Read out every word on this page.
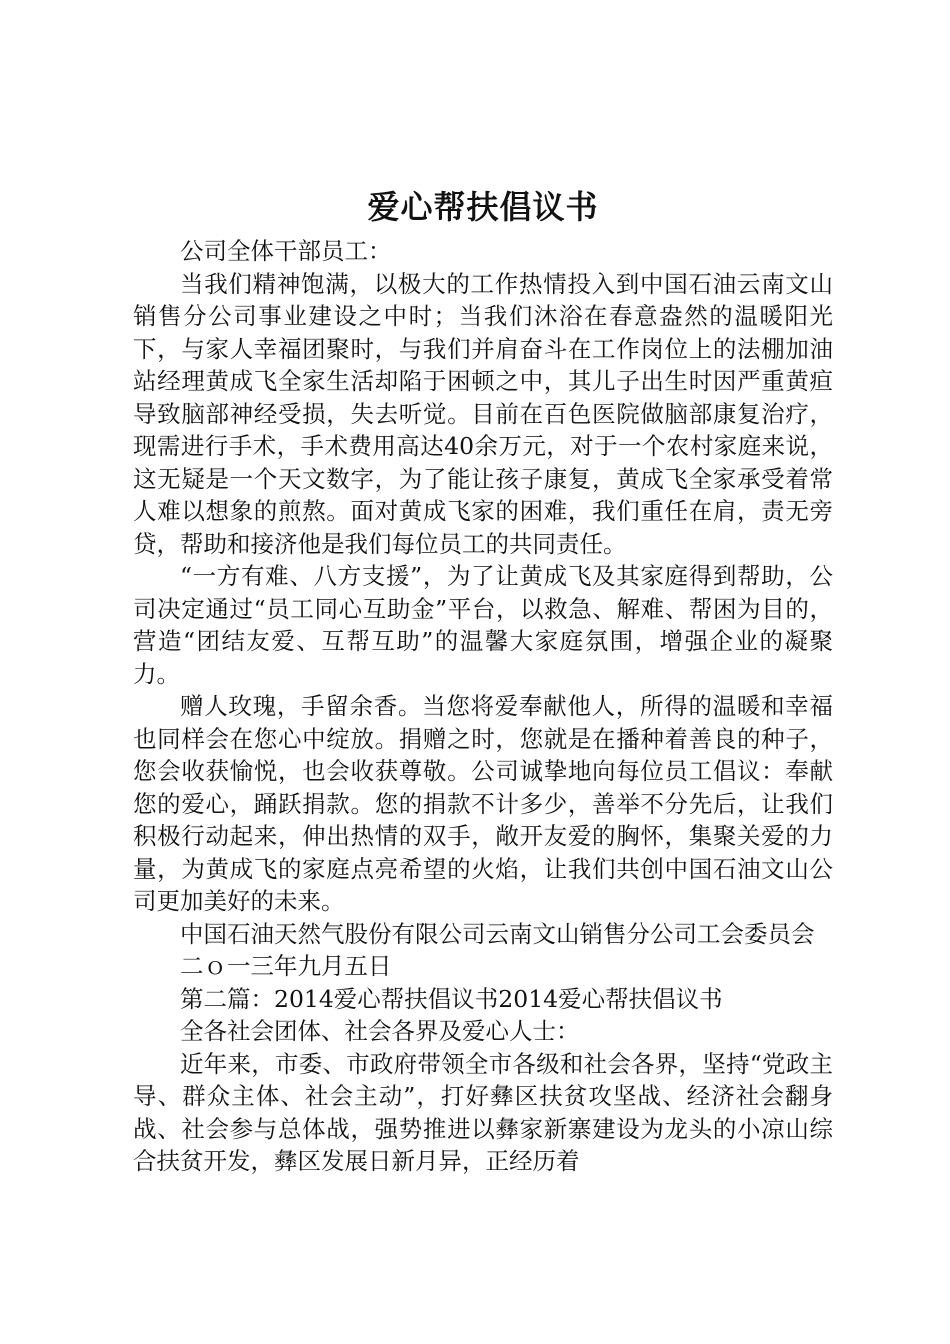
爱心帮扶倡议书

公司全体干部员工：

当我们精神饱满，以极大的工作热情投入到中国石油云南文山销售分公司事业建设之中时；当我们沐浴在春意盎然的温暖阳光下，与家人幸福团聚时，与我们并肩奋斗在工作岗位上的法棚加油站经理黄成飞全家生活却陷于困顿之中，其儿子出生时因严重黄疸导致脑部神经受损，失去听觉。目前在百色医院做脑部康复治疗，现需进行手术，手术费用高达40余万元，对于一个农村家庭来说，这无疑是一个天文数字，为了能让孩子康复，黄成飞全家承受着常人难以想象的煎熬。面对黄成飞家的困难，我们重任在肩，责无旁贷，帮助和接济他是我们每位员工的共同责任。

“一方有难、八方支援”，为了让黄成飞及其家庭得到帮助，公司决定通过“员工同心互助金”平台，以救急、解难、帮困为目的，营造“团结友爱、互帮互助”的温馨大家庭氛围，增强企业的凝聚力。

赠人玫瑰，手留余香。当您将爱奉献他人，所得的温暖和幸福也同样会在您心中绽放。捐赠之时，您就是在播种着善良的种子，您会收获愉悦，也会收获尊敬。公司诚挚地向每位员工倡议：奉献您的爱心，踊跃捐款。您的捐款不计多少，善举不分先后，让我们积极行动起来，伸出热情的双手，敞开友爱的胸怀，集聚关爱的力量，为黄成飞的家庭点亮希望的火焰，让我们共创中国石油文山公司更加美好的未来。

中国石油天然气股份有限公司云南文山销售分公司工会委员会

二ｏ一三年九月五日

第二篇：2014爱心帮扶倡议书2014爱心帮扶倡议书

全各社会团体、社会各界及爱心人士：

近年来，市委、市政府带领全市各级和社会各界，坚持“党政主导、群众主体、社会主动”，打好彝区扶贫攻坚战、经济社会翻身战、社会参与总体战，强势推进以彝家新寨建设为龙头的小凉山综合扶贫开发，彝区发展日新月异，正经历着
